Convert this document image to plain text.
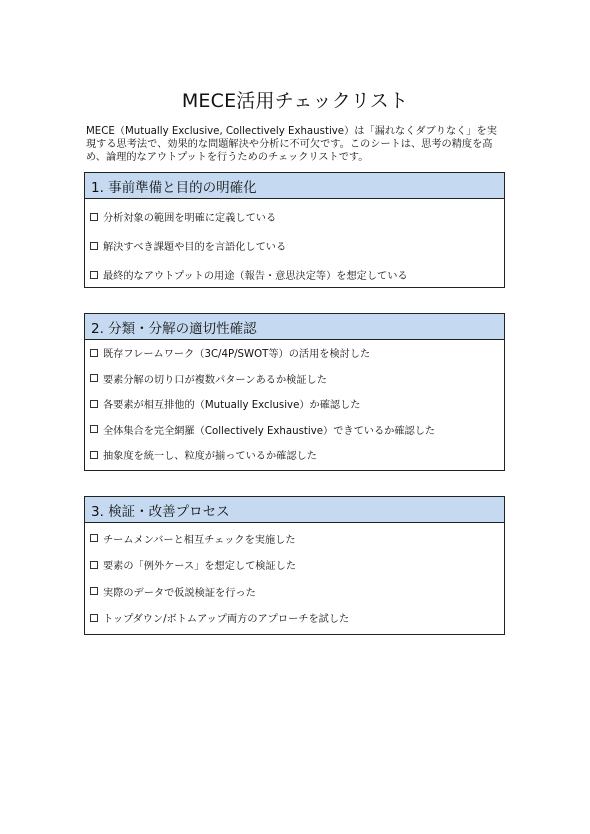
MECE活用チェックリスト

MECE（Mutually Exclusive, Collectively Exhaustive）は「漏れなくダブりなく」を実現する思考法で、効果的な問題解決や分析に不可欠です。このシートは、思考の精度を高め、論理的なアウトプットを行うためのチェックリストです。

1. 事前準備と目的の明確化
分析対象の範囲を明確に定義している
解決すべき課題や目的を言語化している
最終的なアウトプットの用途（報告・意思決定等）を想定している
2. 分類・分解の適切性確認
既存フレームワーク（3C/4P/SWOT等）の活用を検討した
要素分解の切り口が複数パターンあるか検証した
各要素が相互排他的（Mutually Exclusive）か確認した
全体集合を完全網羅（Collectively Exhaustive）できているか確認した
抽象度を統一し、粒度が揃っているか確認した
3. 検証・改善プロセス
チームメンバーと相互チェックを実施した
要素の「例外ケース」を想定して検証した
実際のデータで仮説検証を行った
トップダウン/ボトムアップ両方のアプローチを試した
